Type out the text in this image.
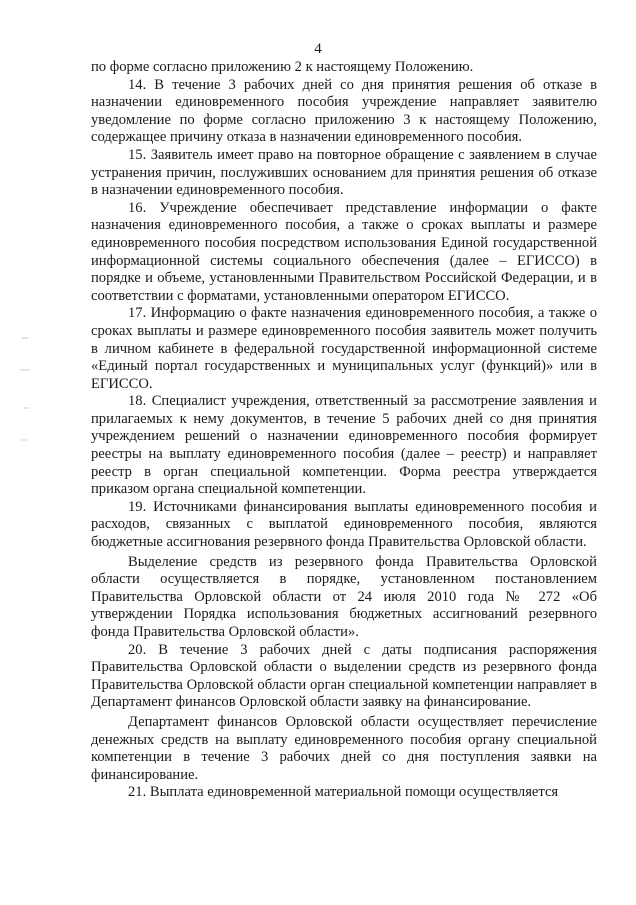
4

по форме согласно приложению 2 к настоящему Положению.

14. В течение 3 рабочих дней со дня принятия решения об отказе в назначении единовременного пособия учреждение направляет заявителю уведомление по форме согласно приложению 3 к настоящему Положению, содержащее причину отказа в назначении единовременного пособия.

15. Заявитель имеет право на повторное обращение с заявлением в случае устранения причин, послуживших основанием для принятия решения об отказе в назначении единовременного пособия.

16. Учреждение обеспечивает представление информации о факте назначения единовременного пособия, а также о сроках выплаты и размере единовременного пособия посредством использования Единой государственной информационной системы социального обеспечения (далее – ЕГИССО) в порядке и объеме, установленными Правительством Российской Федерации, и в соответствии с форматами, установленными оператором ЕГИССО.

17. Информацию о факте назначения единовременного пособия, а также о сроках выплаты и размере единовременного пособия заявитель может получить в личном кабинете в федеральной государственной информационной системе «Единый портал государственных и муниципальных услуг (функций)» или в ЕГИССО.

18. Специалист учреждения, ответственный за рассмотрение заявления и прилагаемых к нему документов, в течение 5 рабочих дней со дня принятия учреждением решений о назначении единовременного пособия формирует реестры на выплату единовременного пособия (далее – реестр) и направляет реестр в орган специальной компетенции. Форма реестра утверждается приказом органа специальной компетенции.

19. Источниками финансирования выплаты единовременного пособия и расходов, связанных с выплатой единовременного пособия, являются бюджетные ассигнования резервного фонда Правительства Орловской области.

Выделение средств из резервного фонда Правительства Орловской области осуществляется в порядке, установленном постановлением Правительства Орловской области от 24 июля 2010 года № 272 «Об утверждении Порядка использования бюджетных ассигнований резервного фонда Правительства Орловской области».

20. В течение 3 рабочих дней с даты подписания распоряжения Правительства Орловской области о выделении средств из резервного фонда Правительства Орловской области орган специальной компетенции направляет в Департамент финансов Орловской области заявку на финансирование.

Департамент финансов Орловской области осуществляет перечисление денежных средств на выплату единовременного пособия органу специальной компетенции в течение 3 рабочих дней со дня поступления заявки на финансирование.

21. Выплата единовременной материальной помощи осуществляется
